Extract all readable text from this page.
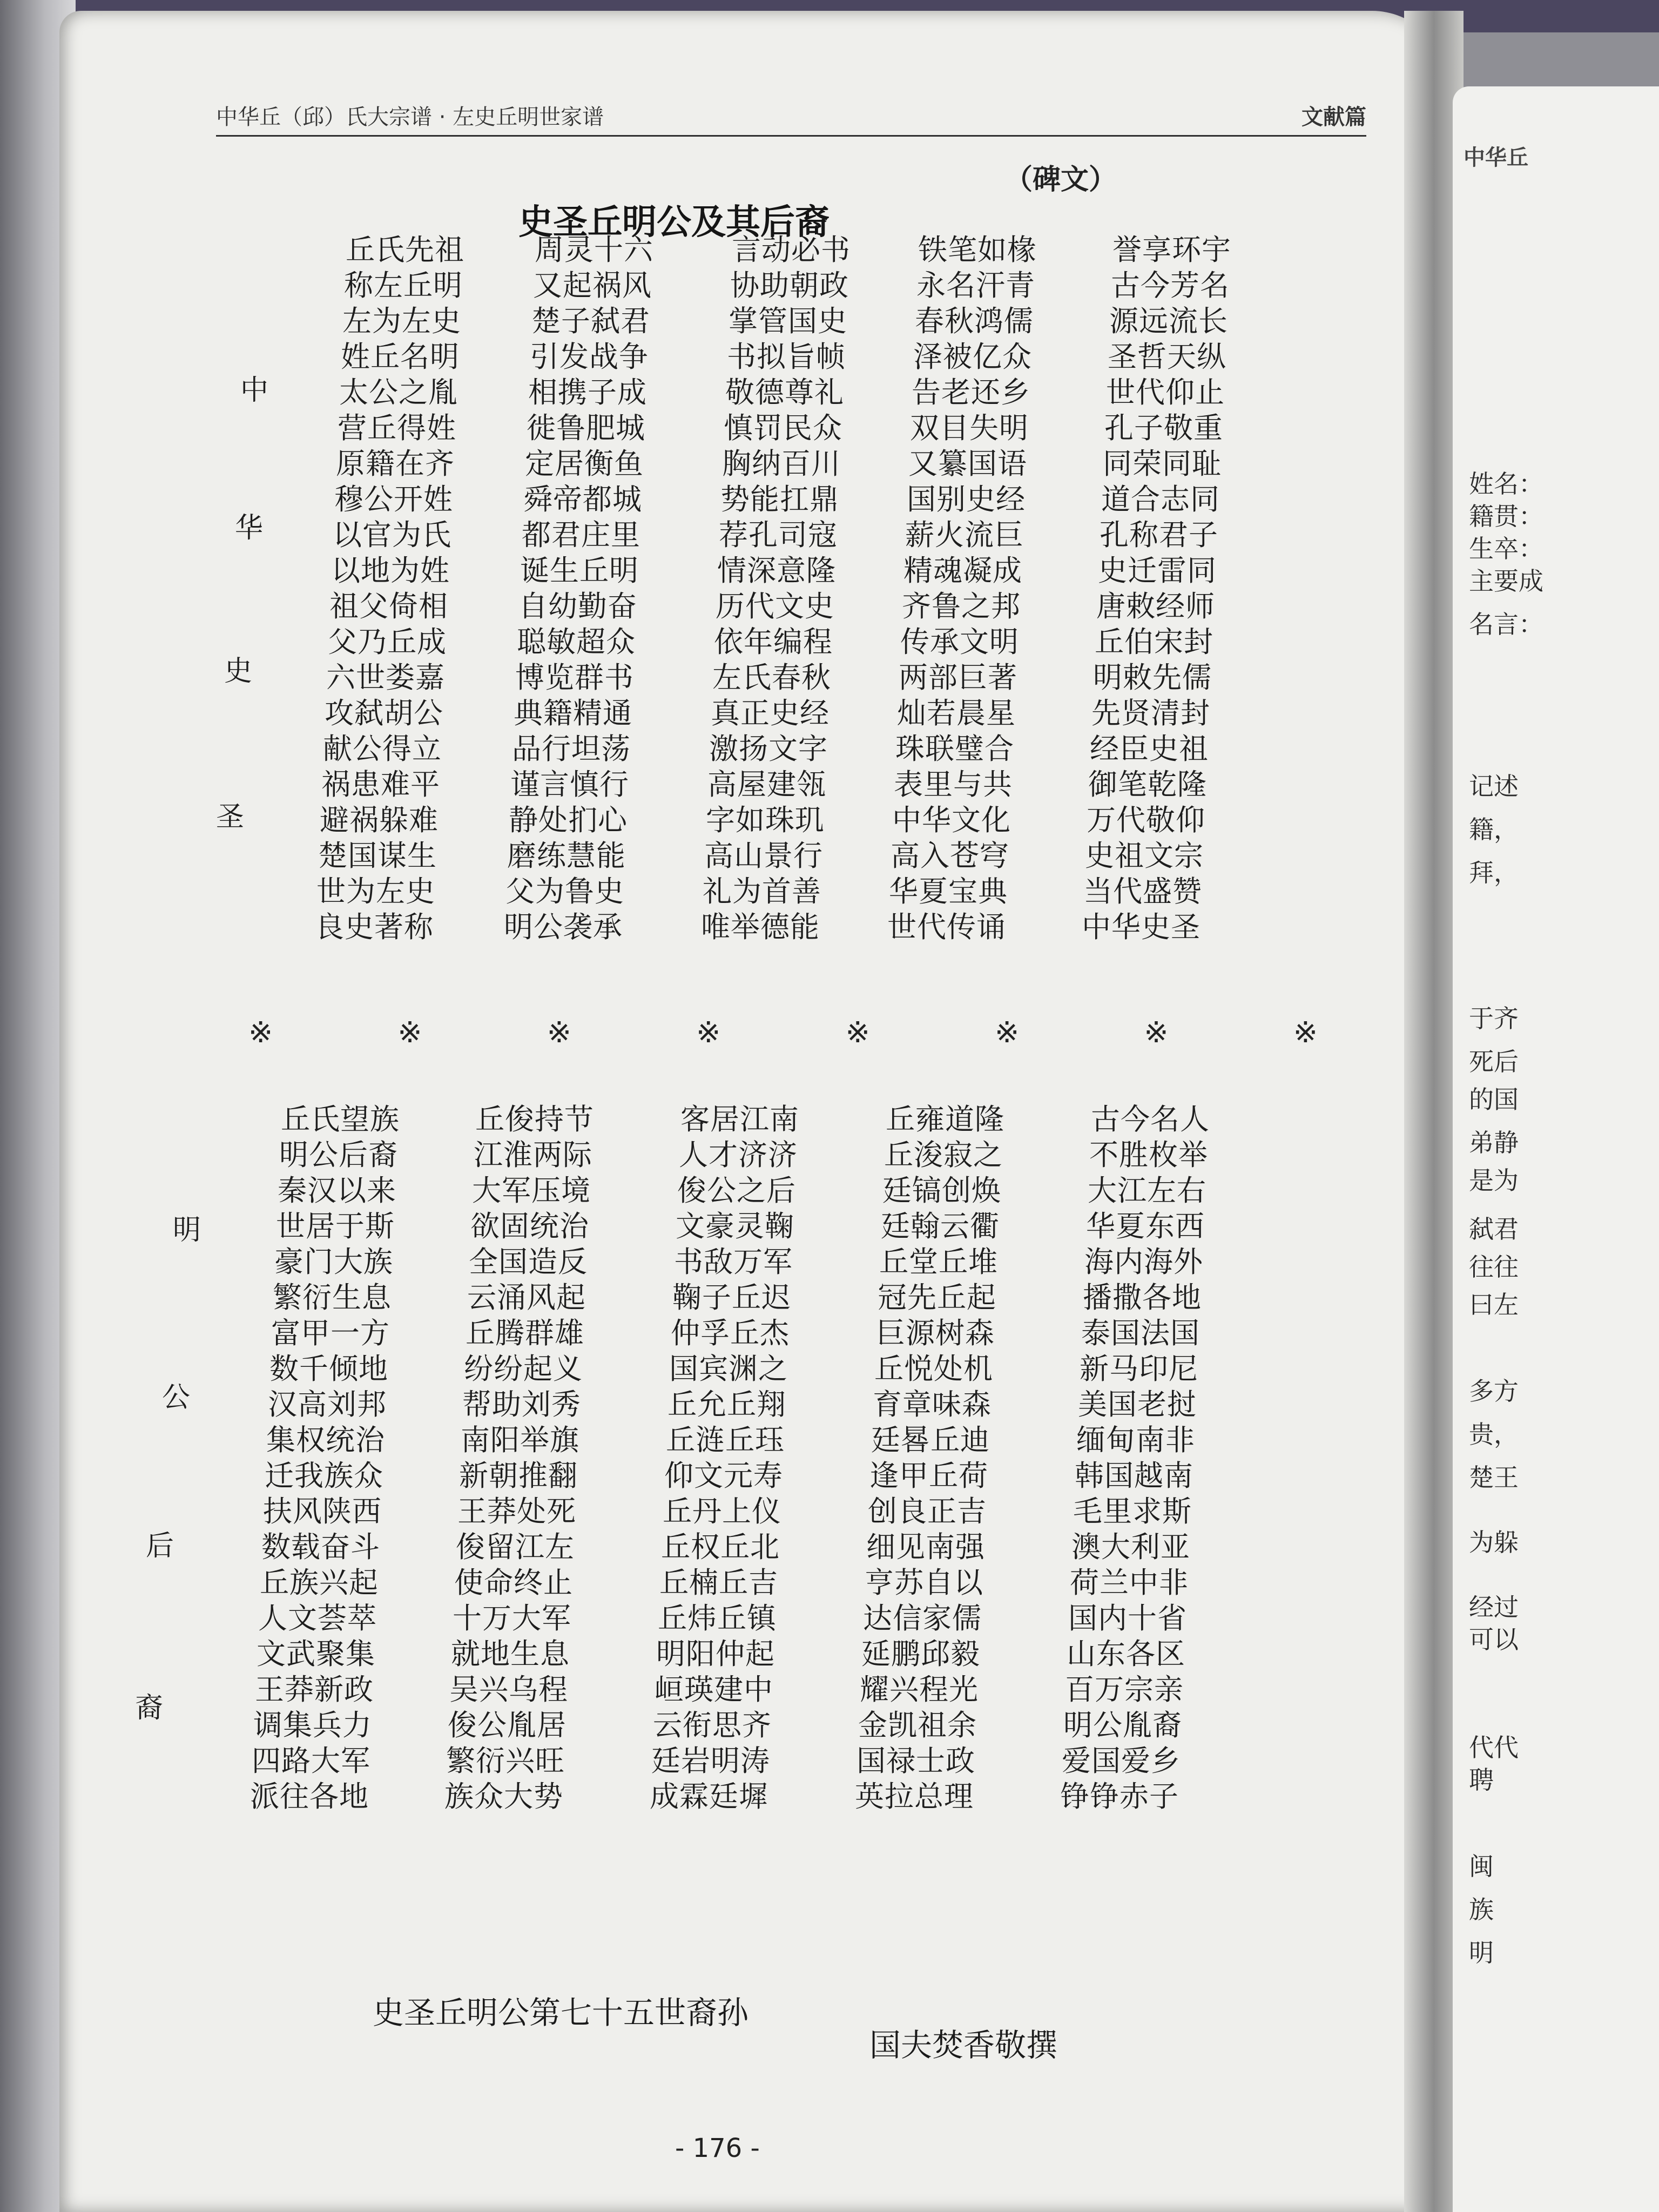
中华丘
姓名：
籍贯：
生卒：
主要成
名言：
记述
籍，
拜，
于齐
死后
的国
弟静
是为
弑君
往往
曰左
多方
贵，
楚王
为躲
经过
可以
代代
聘
闽
族
明
中华丘（邱）氏大宗谱 · 左史丘明世家谱	文献篇
（碑文）
史圣丘明公及其后裔
中
华
史
圣
明
公
后
裔
丘氏先祖
称左丘明
左为左史
姓丘名明
太公之胤
营丘得姓
原籍在齐
穆公开姓
以官为氏
以地为姓
祖父倚相
父乃丘成
六世娄嘉
攻弑胡公
献公得立
祸患难平
避祸躲难
楚国谋生
世为左史
良史著称
周灵十六
又起祸风
楚子弑君
引发战争
相携子成
徙鲁肥城
定居衡鱼
舜帝都城
都君庄里
诞生丘明
自幼勤奋
聪敏超众
博览群书
典籍精通
品行坦荡
谨言慎行
静处扪心
磨练慧能
父为鲁史
明公袭承
言动必书
协助朝政
掌管国史
书拟旨帧
敬德尊礼
慎罚民众
胸纳百川
势能扛鼎
荐孔司寇
情深意隆
历代文史
依年编程
左氏春秋
真正史经
激扬文字
高屋建瓴
字如珠玑
高山景行
礼为首善
唯举德能
铁笔如椽
永名汗青
春秋鸿儒
泽被亿众
告老还乡
双目失明
又纂国语
国别史经
薪火流巨
精魂凝成
齐鲁之邦
传承文明
两部巨著
灿若晨星
珠联璧合
表里与共
中华文化
高入苍穹
华夏宝典
世代传诵
誉享环宇
古今芳名
源远流长
圣哲天纵
世代仰止
孔子敬重
同荣同耻
道合志同
孔称君子
史迁雷同
唐敕经师
丘伯宋封
明敕先儒
先贤清封
经臣史祖
御笔乾隆
万代敬仰
史祖文宗
当代盛赞
中华史圣
※	※	※	※	※	※	※	※
丘氏望族
明公后裔
秦汉以来
世居于斯
豪门大族
繁衍生息
富甲一方
数千倾地
汉高刘邦
集权统治
迁我族众
扶风陕西
数载奋斗
丘族兴起
人文荟萃
文武聚集
王莽新政
调集兵力
四路大军
派往各地
丘俊持节
江淮两际
大军压境
欲固统治
全国造反
云涌风起
丘腾群雄
纷纷起义
帮助刘秀
南阳举旗
新朝推翻
王莽处死
俊留江左
使命终止
十万大军
就地生息
吴兴乌程
俊公胤居
繁衍兴旺
族众大势
客居江南
人才济济
俊公之后
文豪灵鞠
书敌万军
鞠子丘迟
仲孚丘杰
国宾渊之
丘允丘翔
丘涟丘珏
仰文元寿
丘丹上仪
丘权丘北
丘楠丘吉
丘炜丘镇
明阳仲起
峘瑛建中
云衔思齐
廷岩明涛
成霖廷墀
丘雍道隆
丘浚寂之
廷镐创焕
廷翰云衢
丘堂丘堆
冠先丘起
巨源树森
丘悦处机
育章味森
廷晷丘迪
逢甲丘荷
创良正吉
细见南强
亨苏自以
达信家儒
延鹏邱毅
耀兴程光
金凯祖余
国禄士政
英拉总理
古今名人
不胜枚举
大江左右
华夏东西
海内海外
播撒各地
泰国法国
新马印尼
美国老挝
缅甸南非
韩国越南
毛里求斯
澳大利亚
荷兰中非
国内十省
山东各区
百万宗亲
明公胤裔
爱国爱乡
铮铮赤子
史圣丘明公第七十五世裔孙
国夫焚香敬撰
- 176 -
